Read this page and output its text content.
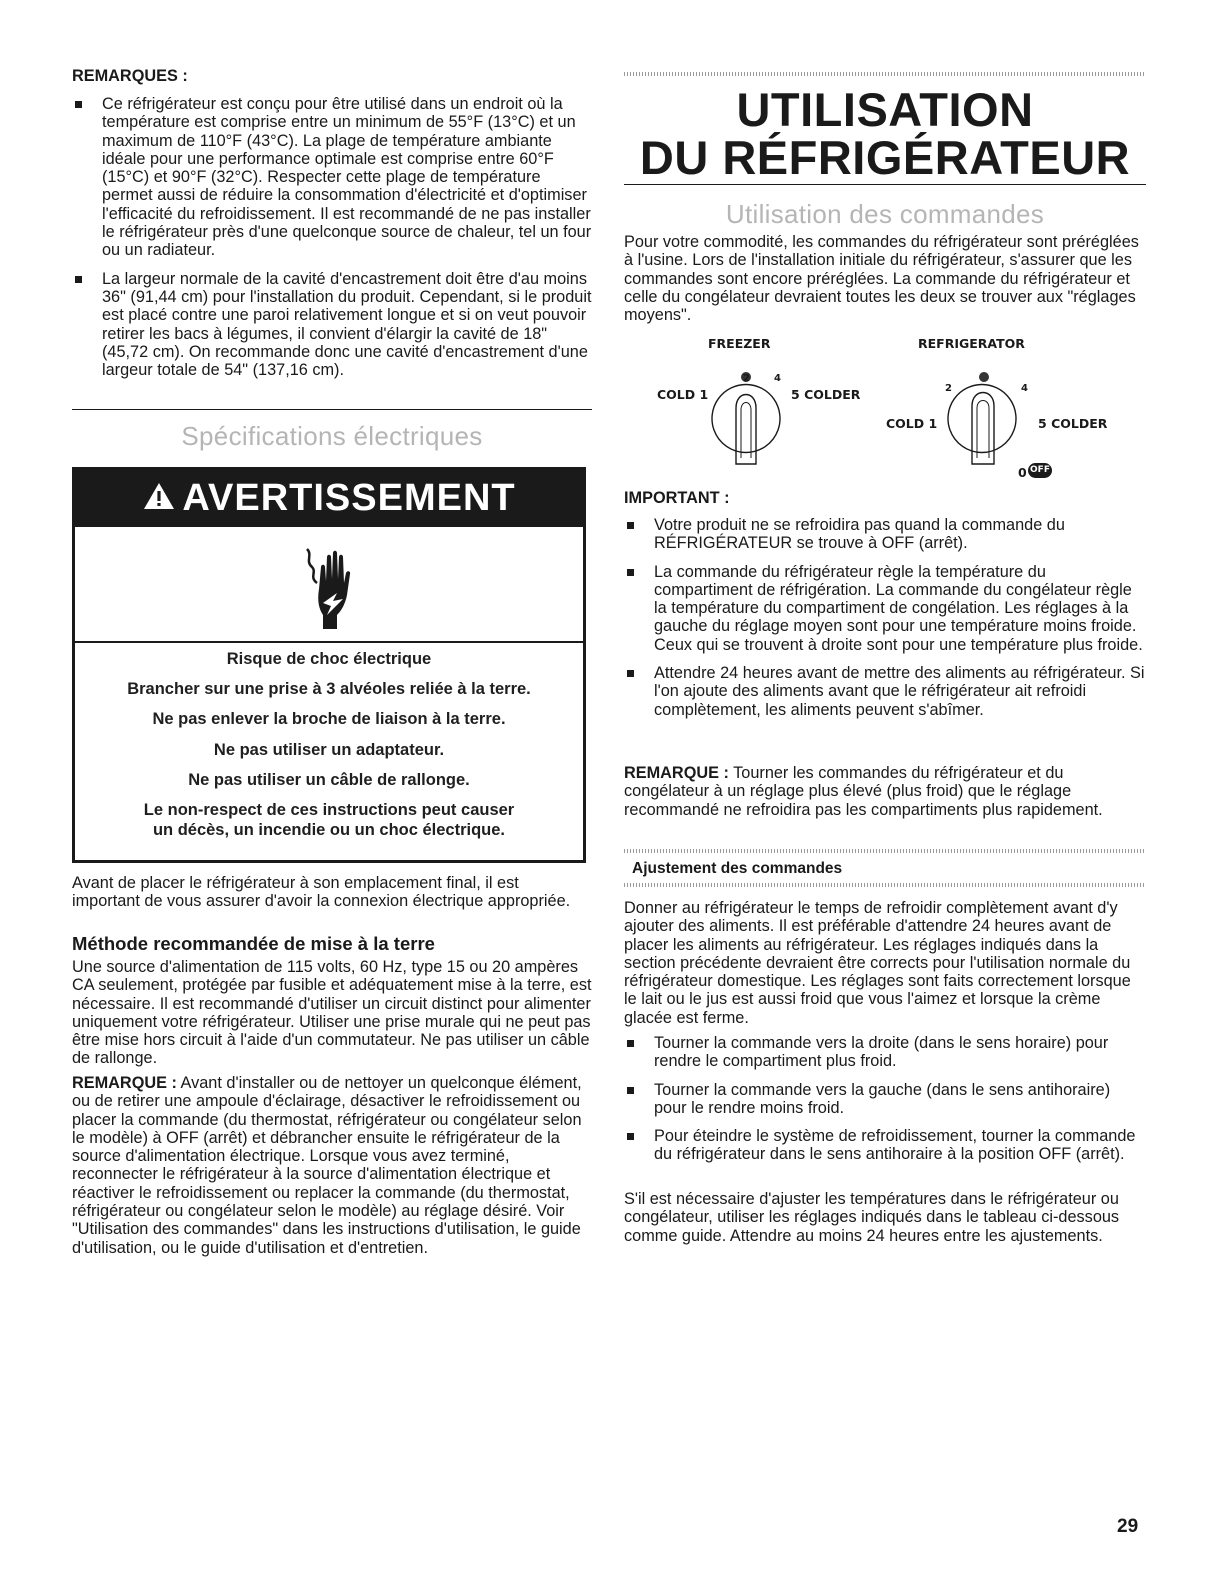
REMARQUES :
Ce réfrigérateur est conçu pour être utilisé dans un endroit où la température est comprise entre un minimum de 55°F (13°C) et un maximum de 110°F (43°C). La plage de température ambiante idéale pour une performance optimale est comprise entre 60°F (15°C) et 90°F (32°C). Respecter cette plage de température permet aussi de réduire la consommation d'électricité et d'optimiser l'efficacité du refroidissement. Il est recommandé de ne pas installer le réfrigérateur près d'une quelconque source de chaleur, tel un four ou un radiateur.
La largeur normale de la cavité d'encastrement doit être d'au moins 36" (91,44 cm) pour l'installation du produit. Cependant, si le produit est placé contre une paroi relativement longue et si on veut pouvoir retirer les bacs à légumes, il convient d'élargir la cavité de 18" (45,72 cm). On recommande donc une cavité d'encastrement d'une largeur totale de 54" (137,16 cm).
Spécifications électriques
AVERTISSEMENT
Risque de choc électrique
Brancher sur une prise à 3 alvéoles reliée à la terre.
Ne pas enlever la broche de liaison à la terre.
Ne pas utiliser un adaptateur.
Ne pas utiliser un câble de rallonge.
Le non-respect de ces instructions peut causer
un décès, un incendie ou un choc électrique.

Avant de placer le réfrigérateur à son emplacement final, il est important de vous assurer d'avoir la connexion électrique appropriée.

Méthode recommandée de mise à la terre

Une source d'alimentation de 115 volts, 60 Hz, type 15 ou 20 ampères CA seulement, protégée par fusible et adéquatement mise à la terre, est nécessaire. Il est recommandé d'utiliser un circuit distinct pour alimenter uniquement votre réfrigérateur. Utiliser une prise murale qui ne peut pas être mise hors circuit à l'aide d'un commutateur. Ne pas utiliser un câble de rallonge.

REMARQUE : Avant d'installer ou de nettoyer un quelconque élément, ou de retirer une ampoule d'éclairage, désactiver le refroidissement ou placer la commande (du thermostat, réfrigérateur ou congélateur selon le modèle) à OFF (arrêt) et débrancher ensuite le réfrigérateur de la source d'alimentation électrique. Lorsque vous avez terminé, reconnecter le réfrigérateur à la source d'alimentation électrique et réactiver le refroidissement ou replacer la commande (du thermostat, réfrigérateur ou congélateur selon le modèle) au réglage désiré. Voir "Utilisation des commandes" dans les instructions d'utilisation, le guide d'utilisation, ou le guide d'utilisation et d'entretien.

UTILISATION
DU RÉFRIGÉRATEUR
Utilisation des commandes

Pour votre commodité, les commandes du réfrigérateur sont préréglées à l'usine. Lors de l'installation initiale du réfrigérateur, s'assurer que les commandes sont encore préréglées. La commande du réfrigérateur et celle du congélateur devraient toutes les deux se trouver aux "réglages moyens".

FREEZER	REFRIGERATOR
2 4
COLD 1	5 COLDER	2	4
COLD 1	5 COLDER
0 OFF
IMPORTANT :
Votre produit ne se refroidira pas quand la commande du RÉFRIGÉRATEUR se trouve à OFF (arrêt).
La commande du réfrigérateur règle la température du compartiment de réfrigération. La commande du congélateur règle la température du compartiment de congélation. Les réglages à la gauche du réglage moyen sont pour une température moins froide. Ceux qui se trouvent à droite sont pour une température plus froide.
Attendre 24 heures avant de mettre des aliments au réfrigérateur. Si l'on ajoute des aliments avant que le réfrigérateur ait refroidi complètement, les aliments peuvent s'abîmer.

REMARQUE : Tourner les commandes du réfrigérateur et du congélateur à un réglage plus élevé (plus froid) que le réglage recommandé ne refroidira pas les compartiments plus rapidement.

Ajustement des commandes

Donner au réfrigérateur le temps de refroidir complètement avant d'y ajouter des aliments. Il est préférable d'attendre 24 heures avant de placer les aliments au réfrigérateur. Les réglages indiqués dans la section précédente devraient être corrects pour l'utilisation normale du réfrigérateur domestique. Les réglages sont faits correctement lorsque le lait ou le jus est aussi froid que vous l'aimez et lorsque la crème glacée est ferme.

Tourner la commande vers la droite (dans le sens horaire) pour rendre le compartiment plus froid.
Tourner la commande vers la gauche (dans le sens antihoraire) pour le rendre moins froid.
Pour éteindre le système de refroidissement, tourner la commande du réfrigérateur dans le sens antihoraire à la position OFF (arrêt).

S'il est nécessaire d'ajuster les températures dans le réfrigérateur ou congélateur, utiliser les réglages indiqués dans le tableau ci-dessous comme guide. Attendre au moins 24 heures entre les ajustements.

29
